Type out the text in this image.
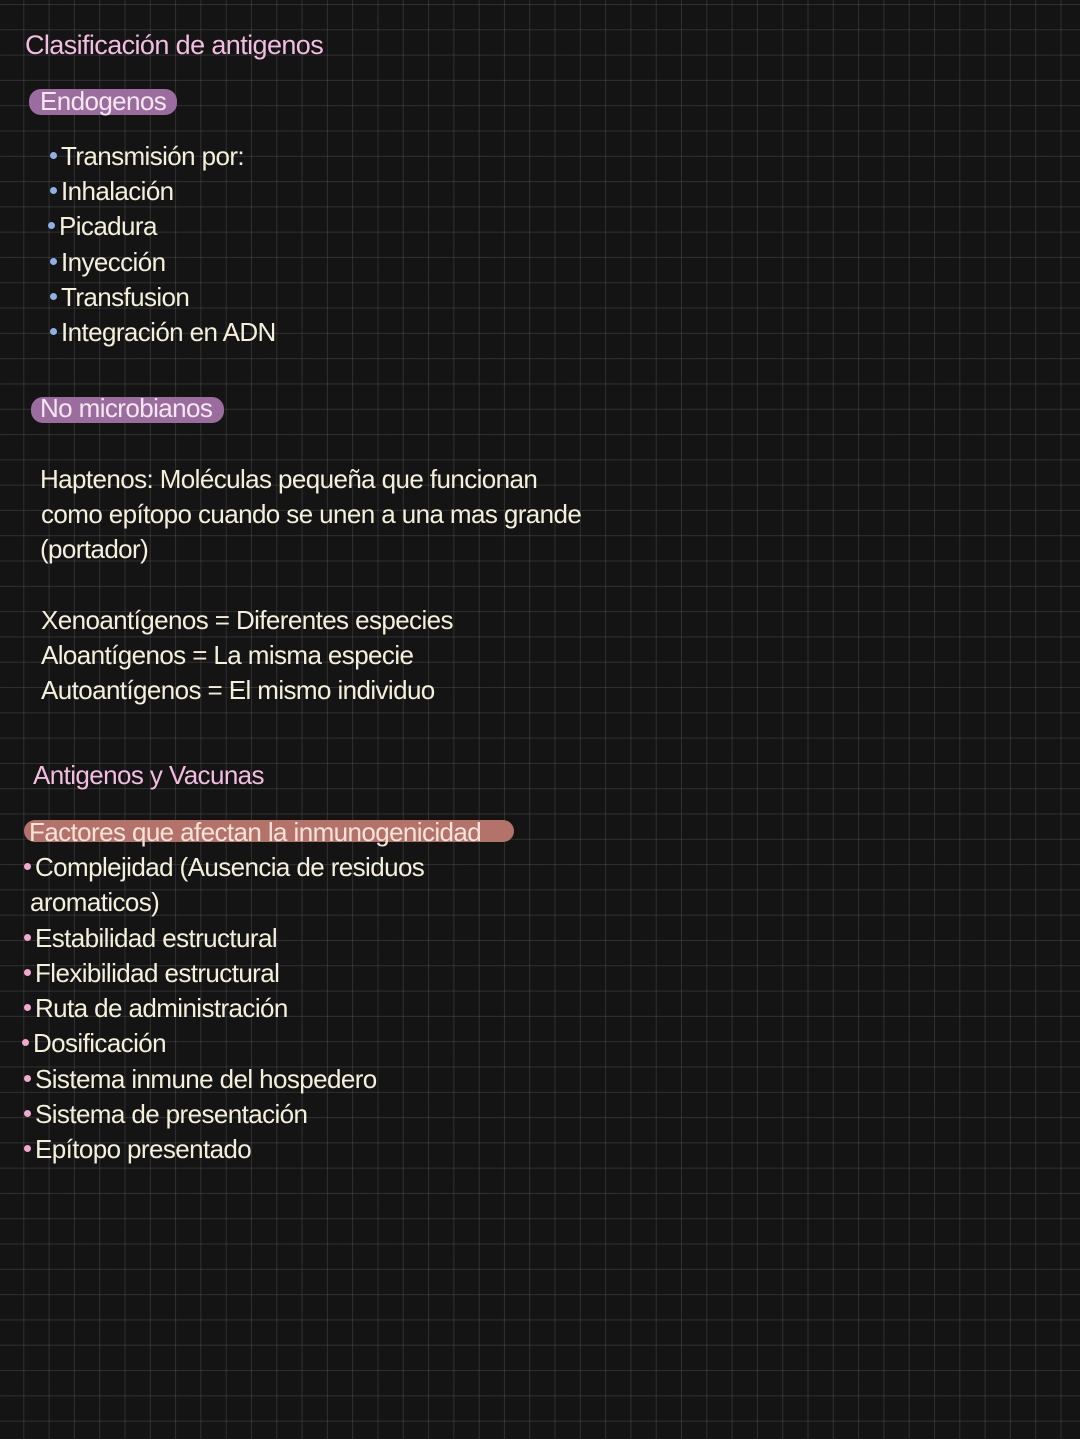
Clasificación de antigenos
Endogenos
Transmisión por:
Inhalación
Picadura
Inyección
Transfusion
Integración en ADN
No microbianos
Haptenos: Moléculas pequeña que funcionan
como epítopo cuando se unen a una mas grande
(portador)
Xenoantígenos = Diferentes especies
Aloantígenos = La misma especie
Autoantígenos = El mismo individuo
Antigenos y Vacunas
Factores que afectan la inmunogenicidad
Complejidad (Ausencia de residuos
aromaticos)
Estabilidad estructural
Flexibilidad estructural
Ruta de administración
Dosificación
Sistema inmune del hospedero
Sistema de presentación
Epítopo presentado
